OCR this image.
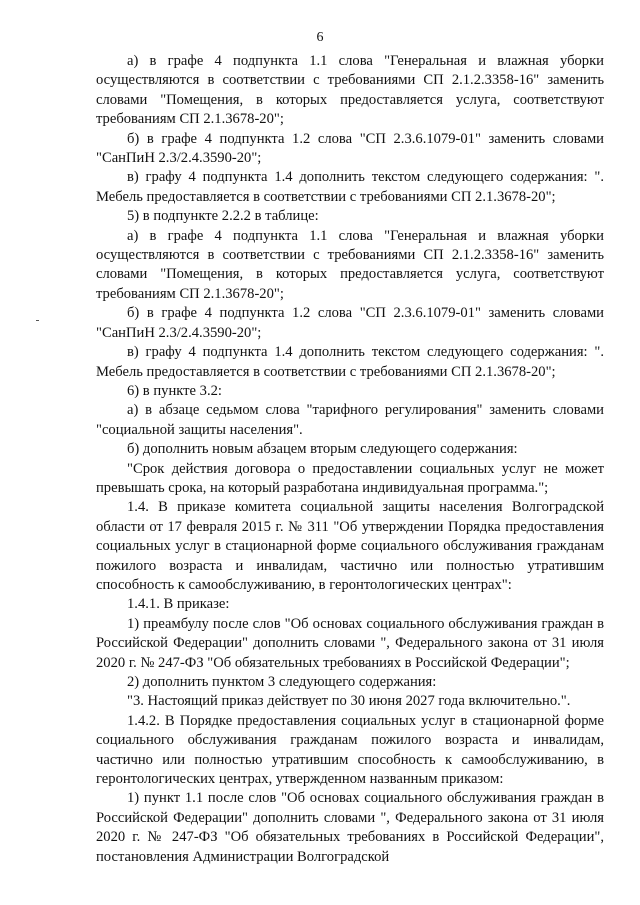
6

а) в графе 4 подпункта 1.1 слова "Генеральная и влажная уборки осуществляются в соответствии с требованиями СП 2.1.2.3358-16" заменить словами "Помещения, в которых предоставляется услуга, соответствуют требованиям СП 2.1.3678-20";

б) в графе 4 подпункта 1.2 слова "СП 2.3.6.1079-01" заменить словами "СанПиН 2.3/2.4.3590-20";

в) графу 4 подпункта 1.4 дополнить текстом следующего содержания: ". Мебель предоставляется в соответствии с требованиями СП 2.1.3678-20";

5) в подпункте 2.2.2 в таблице:

а) в графе 4 подпункта 1.1 слова "Генеральная и влажная уборки осуществляются в соответствии с требованиями СП 2.1.2.3358-16" заменить словами "Помещения, в которых предоставляется услуга, соответствуют требованиям СП 2.1.3678-20";

б) в графе 4 подпункта 1.2 слова "СП 2.3.6.1079-01" заменить словами "СанПиН 2.3/2.4.3590-20";

в) графу 4 подпункта 1.4 дополнить текстом следующего содержания: ". Мебель предоставляется в соответствии с требованиями СП 2.1.3678-20";

6) в пункте 3.2:

а) в абзаце седьмом слова "тарифного регулирования" заменить словами "социальной защиты населения".

б) дополнить новым абзацем вторым следующего содержания:

"Срок действия договора о предоставлении социальных услуг не может превышать срока, на который разработана индивидуальная программа.";

1.4. В приказе комитета социальной защиты населения Волгоградской области от 17 февраля 2015 г. № 311 "Об утверждении Порядка предоставления социальных услуг в стационарной форме социального обслуживания гражданам пожилого возраста и инвалидам, частично или полностью утратившим способность к самообслуживанию, в геронтологических центрах":

1.4.1. В приказе:

1) преамбулу после слов "Об основах социального обслуживания граждан в Российской Федерации" дополнить словами ", Федерального закона от 31 июля 2020 г. № 247-ФЗ "Об обязательных требованиях в Российской Федерации";

2) дополнить пунктом 3 следующего содержания:

"3. Настоящий приказ действует по 30 июня 2027 года включительно.".

1.4.2. В Порядке предоставления социальных услуг в стационарной форме социального обслуживания гражданам пожилого возраста и инвалидам, частично или полностью утратившим способность к самообслуживанию, в геронтологических центрах, утвержденном названным приказом:

1) пункт 1.1 после слов "Об основах социального обслуживания граждан в Российской Федерации" дополнить словами ", Федерального закона от 31 июля 2020 г. № 247-ФЗ "Об обязательных требованиях в Российской Федерации", постановления Администрации Волгоградской
